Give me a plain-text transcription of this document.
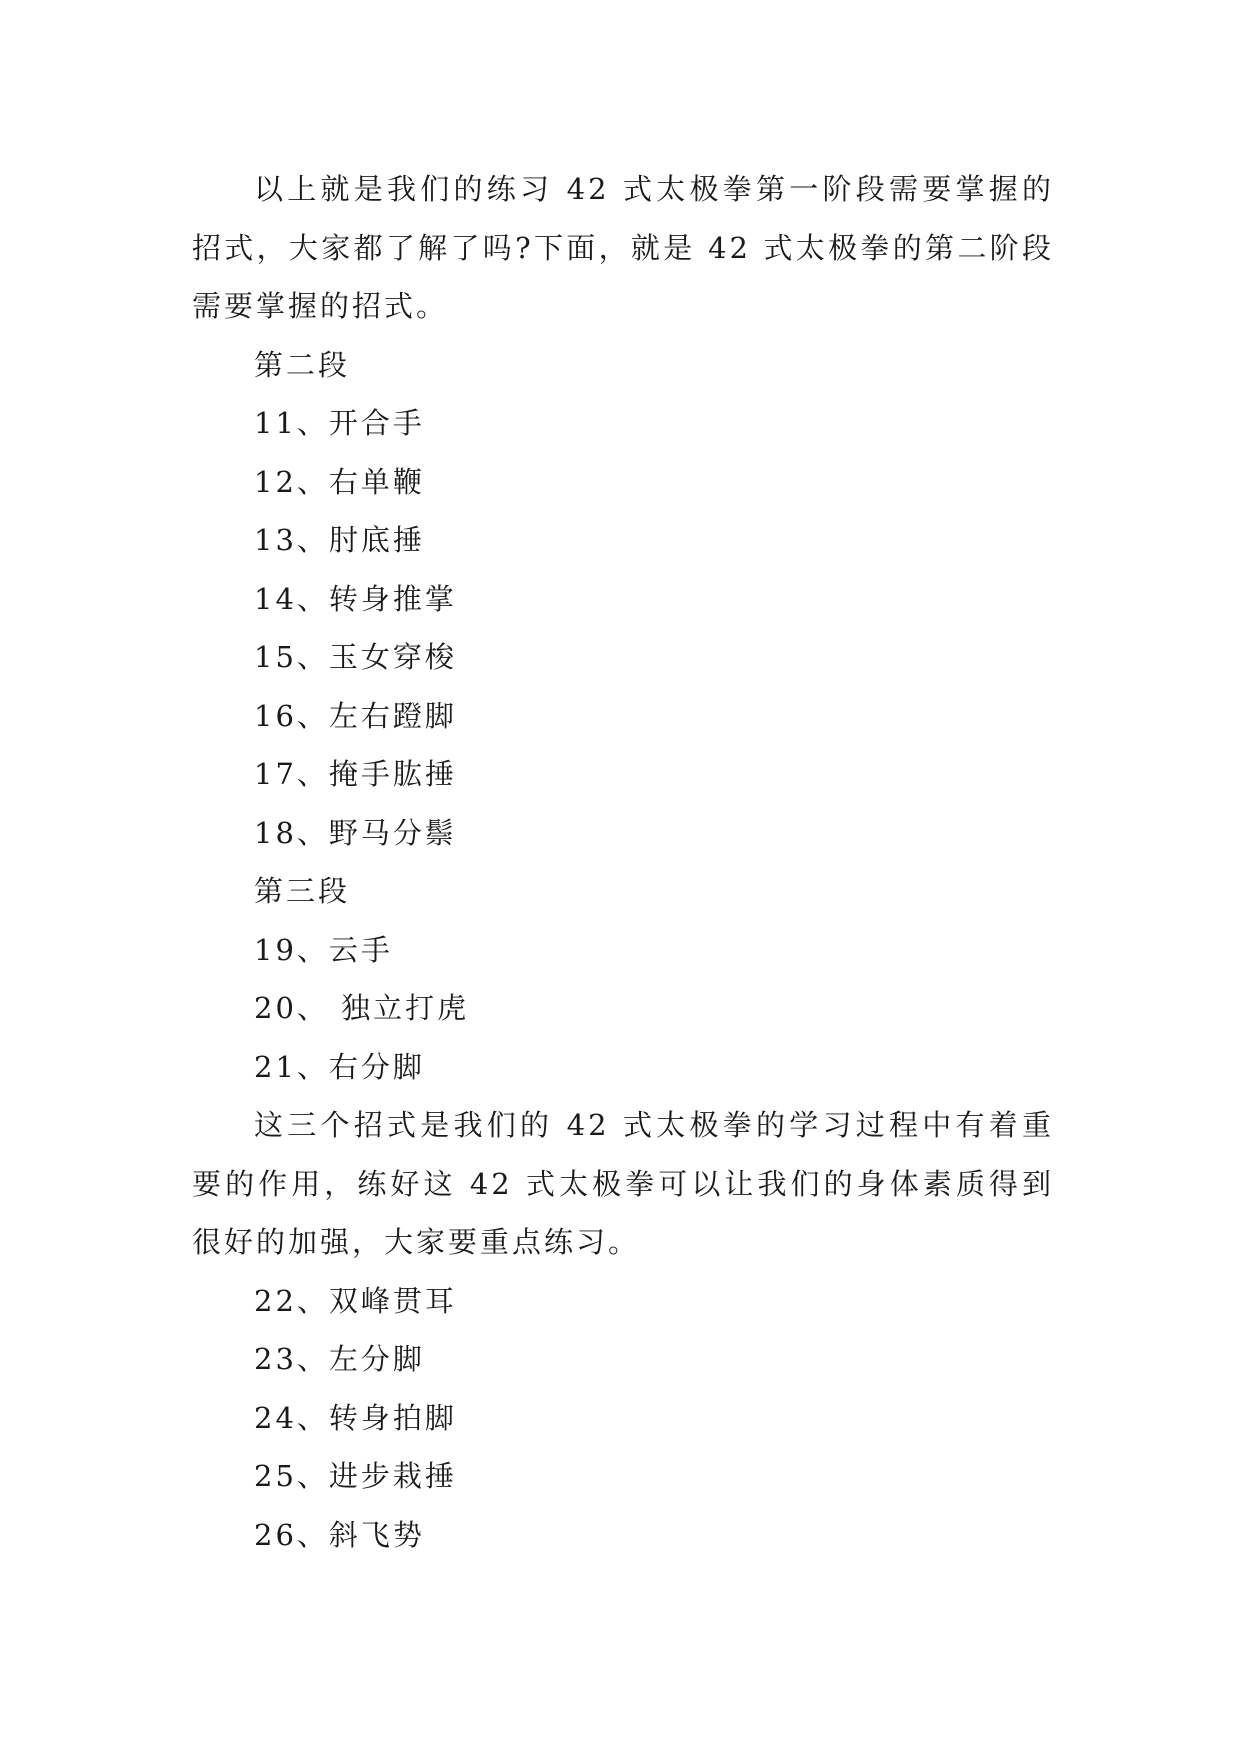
以上就是我们的练习 42 式太极拳第一阶段需要掌握的招式，大家都了解了吗?下面，就是 42 式太极拳的第二阶段需要掌握的招式。

第二段

11、开合手

12、右单鞭

13、肘底捶

14、转身推掌

15、玉女穿梭

16、左右蹬脚

17、掩手肱捶

18、野马分鬃

第三段

19、云手

20、 独立打虎

21、右分脚

这三个招式是我们的 42 式太极拳的学习过程中有着重要的作用，练好这 42 式太极拳可以让我们的身体素质得到很好的加强，大家要重点练习。

22、双峰贯耳

23、左分脚

24、转身拍脚

25、进步栽捶

26、斜飞势
